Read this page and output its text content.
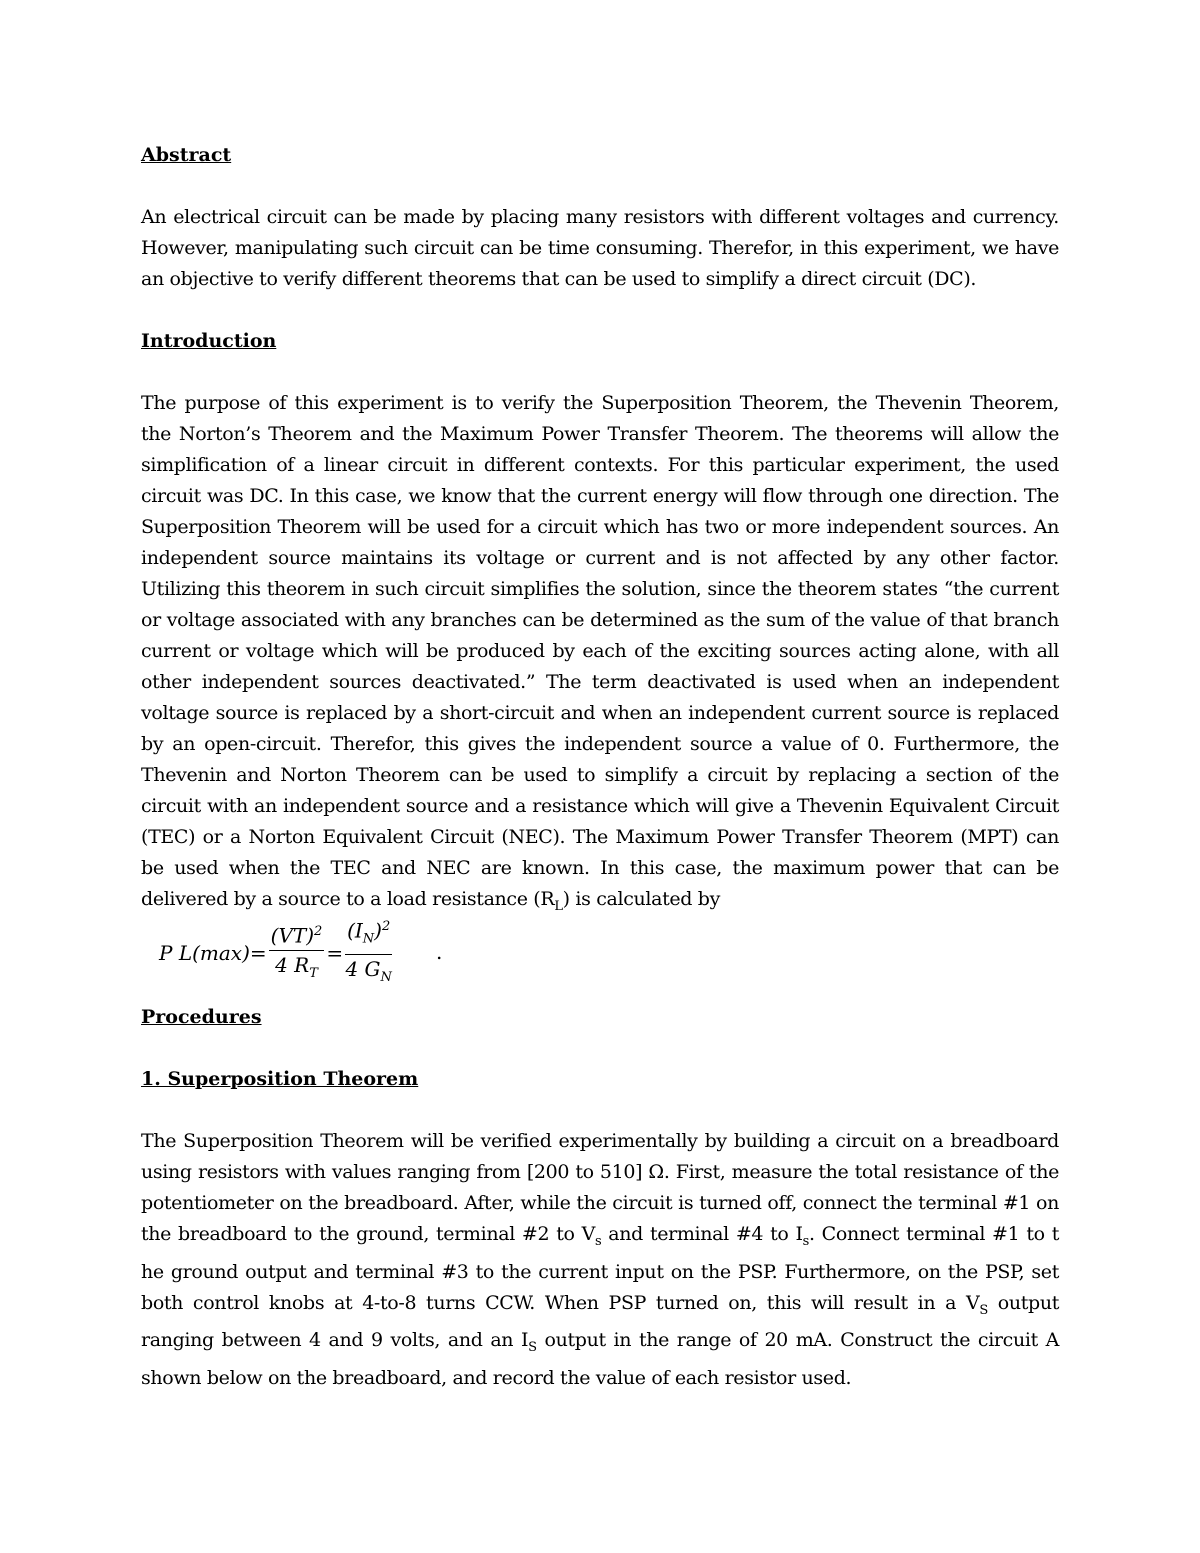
Abstract

An electrical circuit can be made by placing many resistors with different voltages and currency. However, manipulating such circuit can be time consuming. Therefor, in this experiment, we have an objective to verify different theorems that can be used to simplify a direct circuit (DC).

Introduction

The purpose of this experiment is to verify the Superposition Theorem, the Thevenin Theorem, the Norton’s Theorem and the Maximum Power Transfer Theorem. The theorems will allow the simplification of a linear circuit in different contexts. For this particular experiment, the used circuit was DC. In this case, we know that the current energy will flow through one direction. The Superposition Theorem will be used for a circuit which has two or more independent sources. An independent source maintains its voltage or current and is not affected by any other factor. Utilizing this theorem in such circuit simplifies the solution, since the theorem states “the current or voltage associated with any branches can be determined as the sum of the value of that branch current or voltage which will be produced by each of the exciting sources acting alone, with all other independent sources deactivated.” The term deactivated is used when an independent voltage source is replaced by a short-circuit and when an independent current source is replaced by an open-circuit. Therefor, this gives the independent source a value of 0. Furthermore, the Thevenin and Norton Theorem can be used to simplify a circuit by replacing a section of the circuit with an independent source and a resistance which will give a Thevenin Equivalent Circuit (TEC) or a Norton Equivalent Circuit (NEC). The Maximum Power Transfer Theorem (MPT) can be used when the TEC and NEC are known. In this case, the maximum power that can be delivered by a source to a load resistance $(R_L)$ is calculated by

P $L(\max)= \frac{(VT)^2}{4 R_T} = \frac{(I_N)^2}{4 G_N}$ .

Procedures

1. Superposition Theorem

The Superposition Theorem will be verified experimentally by building a circuit on a breadboard using resistors with values ranging from [200 to 510] Ω. First, measure the total resistance of the potentiometer on the breadboard. After, while the circuit is turned off, connect the terminal #1 on the breadboard to the ground, terminal #2 to $V_s$ and terminal #4 to $I_s$. Connect terminal #1 to t he ground output and terminal #3 to the current input on the PSP. Furthermore, on the PSP, set both control knobs at 4-to-8 turns CCW. When PSP turned on, this will result in a $V_S$ output ranging between 4 and 9 volts, and an $I_S$ output in the range of 20 mA. Construct the circuit A shown below on the breadboard, and record the value of each resistor used.
